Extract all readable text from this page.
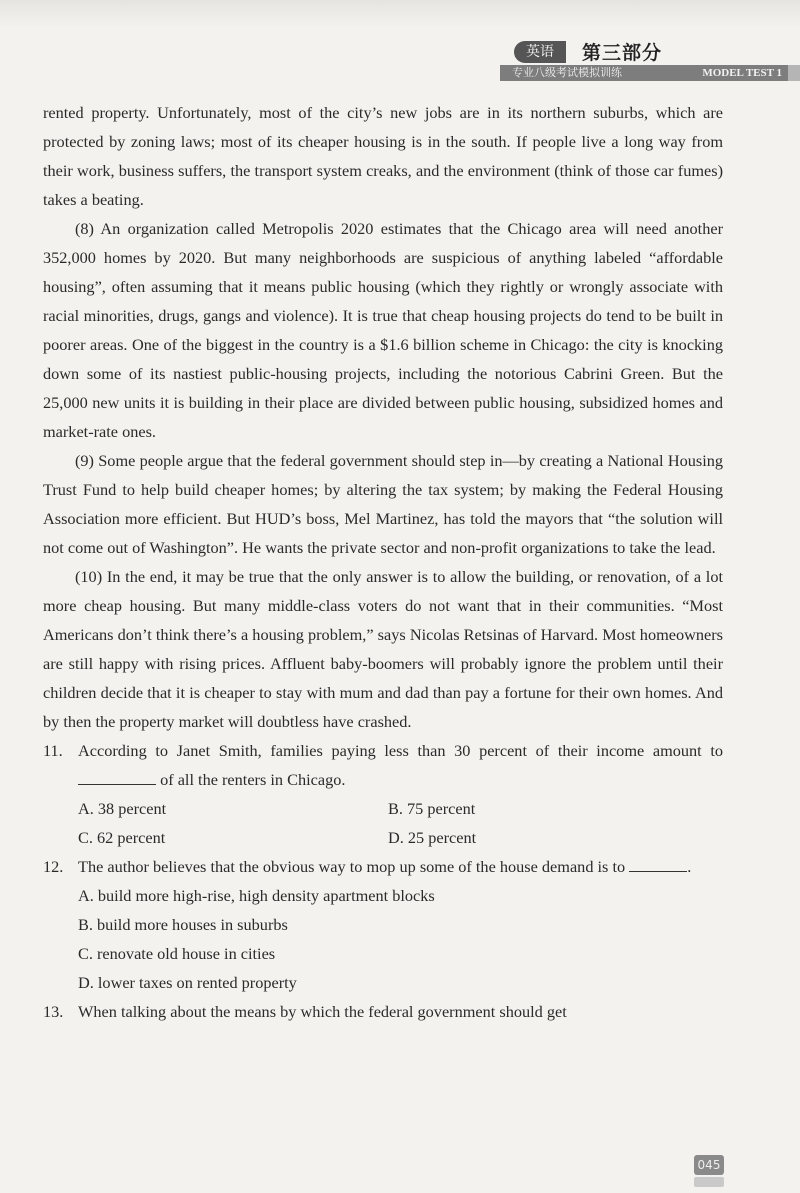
英语	第三部分
专业八级考试模拟训练	MODEL TEST 1

rented property. Unfortunately, most of the city’s new jobs are in its northern suburbs, which are protected by zoning laws; most of its cheaper housing is in the south. If people live a long way from their work, business suffers, the transport system creaks, and the environment (think of those car fumes) takes a beating.

(8) An organization called Metropolis 2020 estimates that the Chicago area will need another 352,000 homes by 2020. But many neighborhoods are suspicious of anything labeled “affordable housing”, often assuming that it means public housing (which they rightly or wrongly associate with racial minorities, drugs, gangs and violence). It is true that cheap housing projects do tend to be built in poorer areas. One of the biggest in the country is a $1.6 billion scheme in Chicago: the city is knocking down some of its nastiest public-housing projects, including the notorious Cabrini Green. But the 25,000 new units it is building in their place are divided between public housing, subsidized homes and market-rate ones.

(9) Some people argue that the federal government should step in—by creating a National Housing Trust Fund to help build cheaper homes; by altering the tax system; by making the Federal Housing Association more efficient. But HUD’s boss, Mel Martinez, has told the mayors that “the solution will not come out of Washington”. He wants the private sector and non-profit organizations to take the lead.

(10) In the end, it may be true that the only answer is to allow the building, or renovation, of a lot more cheap housing. But many middle-class voters do not want that in their communities. “Most Americans don’t think there’s a housing problem,” says Nicolas Retsinas of Harvard. Most homeowners are still happy with rising prices. Affluent baby-boomers will probably ignore the problem until their children decide that it is cheaper to stay with mum and dad than pay a fortune for their own homes. And by then the property market will doubtless have crashed.

11. According to Janet Smith, families paying less than 30 percent of their income amount to  of all the renters in Chicago.
A. 38 percent	B. 75 percent
C. 62 percent	D. 25 percent
12. The author believes that the obvious way to mop up some of the house demand is to	.
A. build more high-rise, high density apartment blocks
B. build more houses in suburbs
C. renovate old house in cities
D. lower taxes on rented property
13. When talking about the means by which the federal government should get
045
